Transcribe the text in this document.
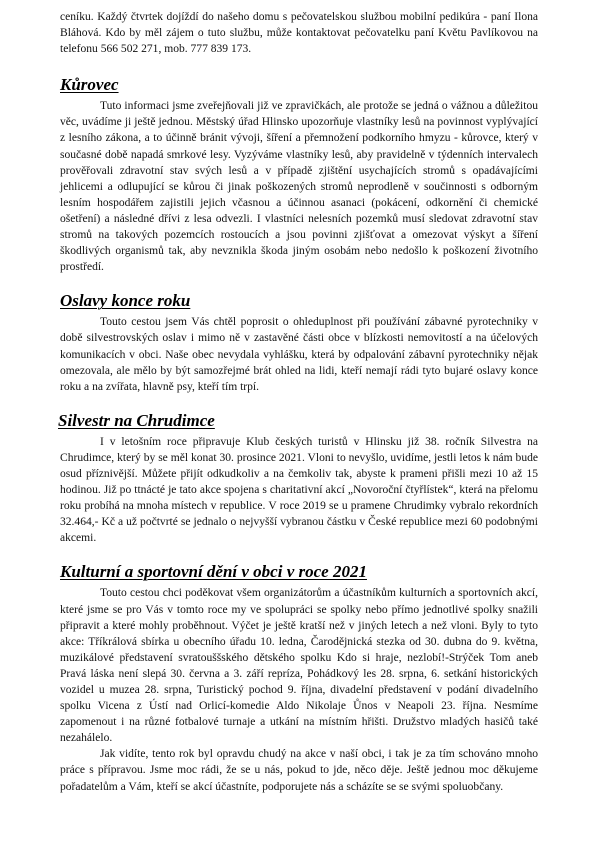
ceníku. Každý čtvrtek dojíždí do našeho domu s pečovatelskou službou mobilní pedikúra - paní Ilona Bláhová. Kdo by měl zájem o tuto službu, může kontaktovat pečovatelku paní Květu Pavlíkovou na telefonu 566 502 271, mob. 777 839 173.

Kůrovec

Tuto informaci jsme zveřejňovali již ve zpravičkách, ale protože se jedná o vážnou a důležitou věc, uvádíme ji ještě jednou. Městský úřad Hlinsko upozorňuje vlastníky lesů na povinnost vyplývající z lesního zákona, a to účinně bránit vývoji, šíření a přemnožení podkorního hmyzu - kůrovce, který v současné době napadá smrkové lesy. Vyzýváme vlastníky lesů, aby pravidelně v týdenních intervalech prověřovali zdravotní stav svých lesů a v případě zjištění usychajících stromů s opadávajícími jehlicemi a odlupující se kůrou či jinak poškozených stromů neprodleně v součinnosti s odborným lesním hospodářem zajistili jejich včasnou a účinnou asanaci (pokácení, odkornění či chemické ošetření) a následné dřívi z lesa odvezli. I vlastníci nelesních pozemků musí sledovat zdravotní stav stromů na takových pozemcích rostoucích a jsou povinni zjišťovat a omezovat výskyt a šíření škodlivých organismů tak, aby nevznikla škoda jiným osobám nebo nedošlo k poškození životního prostředí.

Oslavy konce roku

Touto cestou jsem Vás chtěl poprosit o ohleduplnost při používání zábavné pyrotechniky v době silvestrovských oslav i mimo ně v zastavěné části obce v blízkosti nemovitostí a na účelových komunikacích v obci. Naše obec nevydala vyhlášku, která by odpalování zábavní pyrotechniky nějak omezovala, ale mělo by být samozřejmé brát ohled na lidi, kteří nemají rádi tyto bujaré oslavy konce roku a na zvířata, hlavně psy, kteří tím trpí.

Silvestr na Chrudimce

I v letošním roce připravuje Klub českých turistů v Hlinsku již 38. ročník Silvestra na Chrudimce, který by se měl konat 30. prosince 2021. Vloni to nevyšlo, uvidíme, jestli letos k nám bude osud příznivější. Můžete přijít odkudkoliv a na čemkoliv tak, abyste k prameni přišli mezi 10 až 15 hodinou. Již po ttnácté je tato akce spojena s charitativní akcí „Novoroční čtyřlístek“, která na přelomu roku probíhá na mnoha místech v republice. V roce 2019 se u pramene Chrudimky vybralo rekordních 32.464,- Kč a už počtvrté se jednalo o nejvyšší vybranou částku v České republice mezi 60 podobnými akcemi.

Kulturní a sportovní dění v obci v roce 2021

Touto cestou chci poděkovat všem organizátorům a účastníkům kulturních a sportovních akcí, které jsme se pro Vás v tomto roce my ve spolupráci se spolky nebo přímo jednotlivé spolky snažili připravit a které mohly proběhnout. Výčet je ještě kratší než v jiných letech a než vloni. Byly to tyto akce: Tříkrálová sbírka u obecního úřadu 10. ledna, Čarodějnická stezka od 30. dubna do 9. května, muzikálové představení svratouššského dětského spolku Kdo si hraje, nezlobí!-Strýček Tom aneb Pravá láska není slepá 30. června a 3. září repríza, Pohádkový les 28. srpna, 6. setkání historických vozidel u muzea 28. srpna, Turistický pochod 9. října, divadelní představení v podání divadelního spolku Vicena z Ústí nad Orlicí-komedie Aldo Nikolaje Ůnos v Neapoli 23. října. Nesmíme zapomenout i na různé fotbalové turnaje a utkání na místním hřišti. Družstvo mladých hasičů také nezahálelo.

Jak vidíte, tento rok byl opravdu chudý na akce v naší obci, i tak je za tím schováno mnoho práce s přípravou. Jsme moc rádi, že se u nás, pokud to jde, něco děje. Ještě jednou moc děkujeme pořadatelům a Vám, kteří se akcí účastníte, podporujete nás a scházíte se se svými spoluobčany.
